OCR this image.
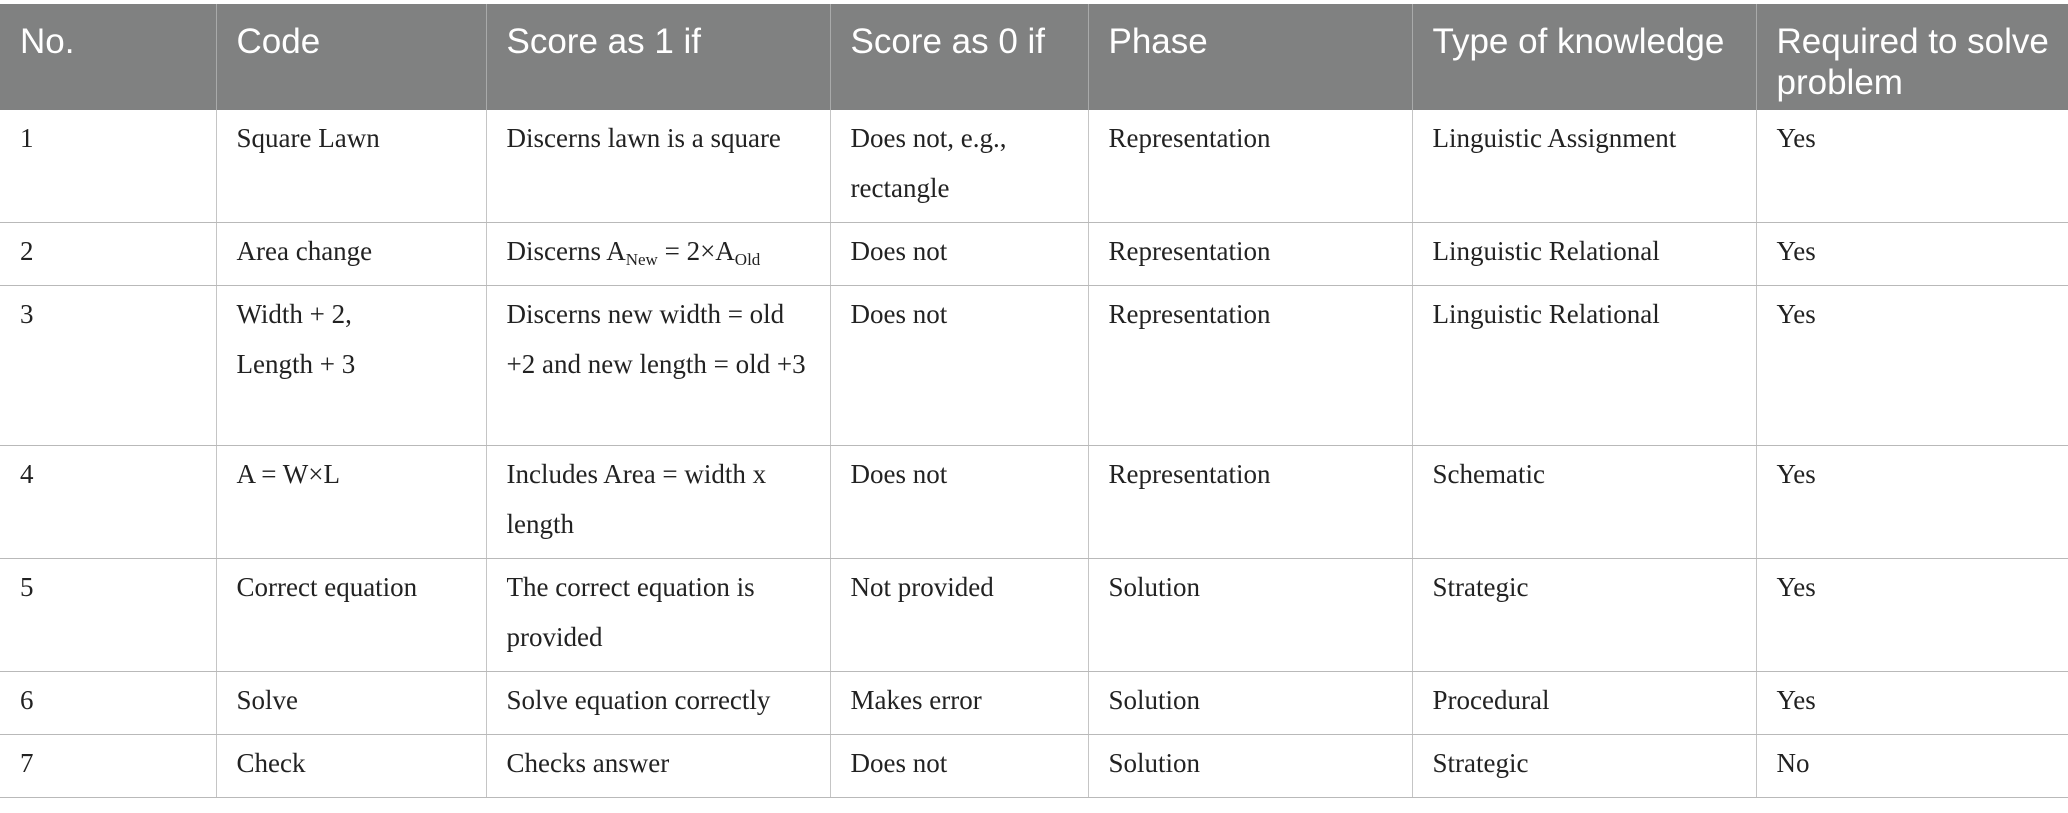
No.	Code	Score as 1 if	Score as 0 if	Phase	Type of knowledge	Required to solve problem
1	Square Lawn	Discerns lawn is a square	Does not, e.g., rectangle	Representation	Linguistic Assignment	Yes
2	Area change	Discerns $A_{New} = 2\times A_{Old}$	Does not	Representation	Linguistic Relational	Yes
3	Width + 2, Length + 3	Discerns new width = old +2 and new length = old +3	Does not	Representation	Linguistic Relational	Yes
4	A = W×L	Includes Area = width x length	Does not	Representation	Schematic	Yes
5	Correct equation	The correct equation is provided	Not provided	Solution	Strategic	Yes
6	Solve	Solve equation correctly	Makes error	Solution	Procedural	Yes
7	Check	Checks answer	Does not	Solution	Strategic	No
